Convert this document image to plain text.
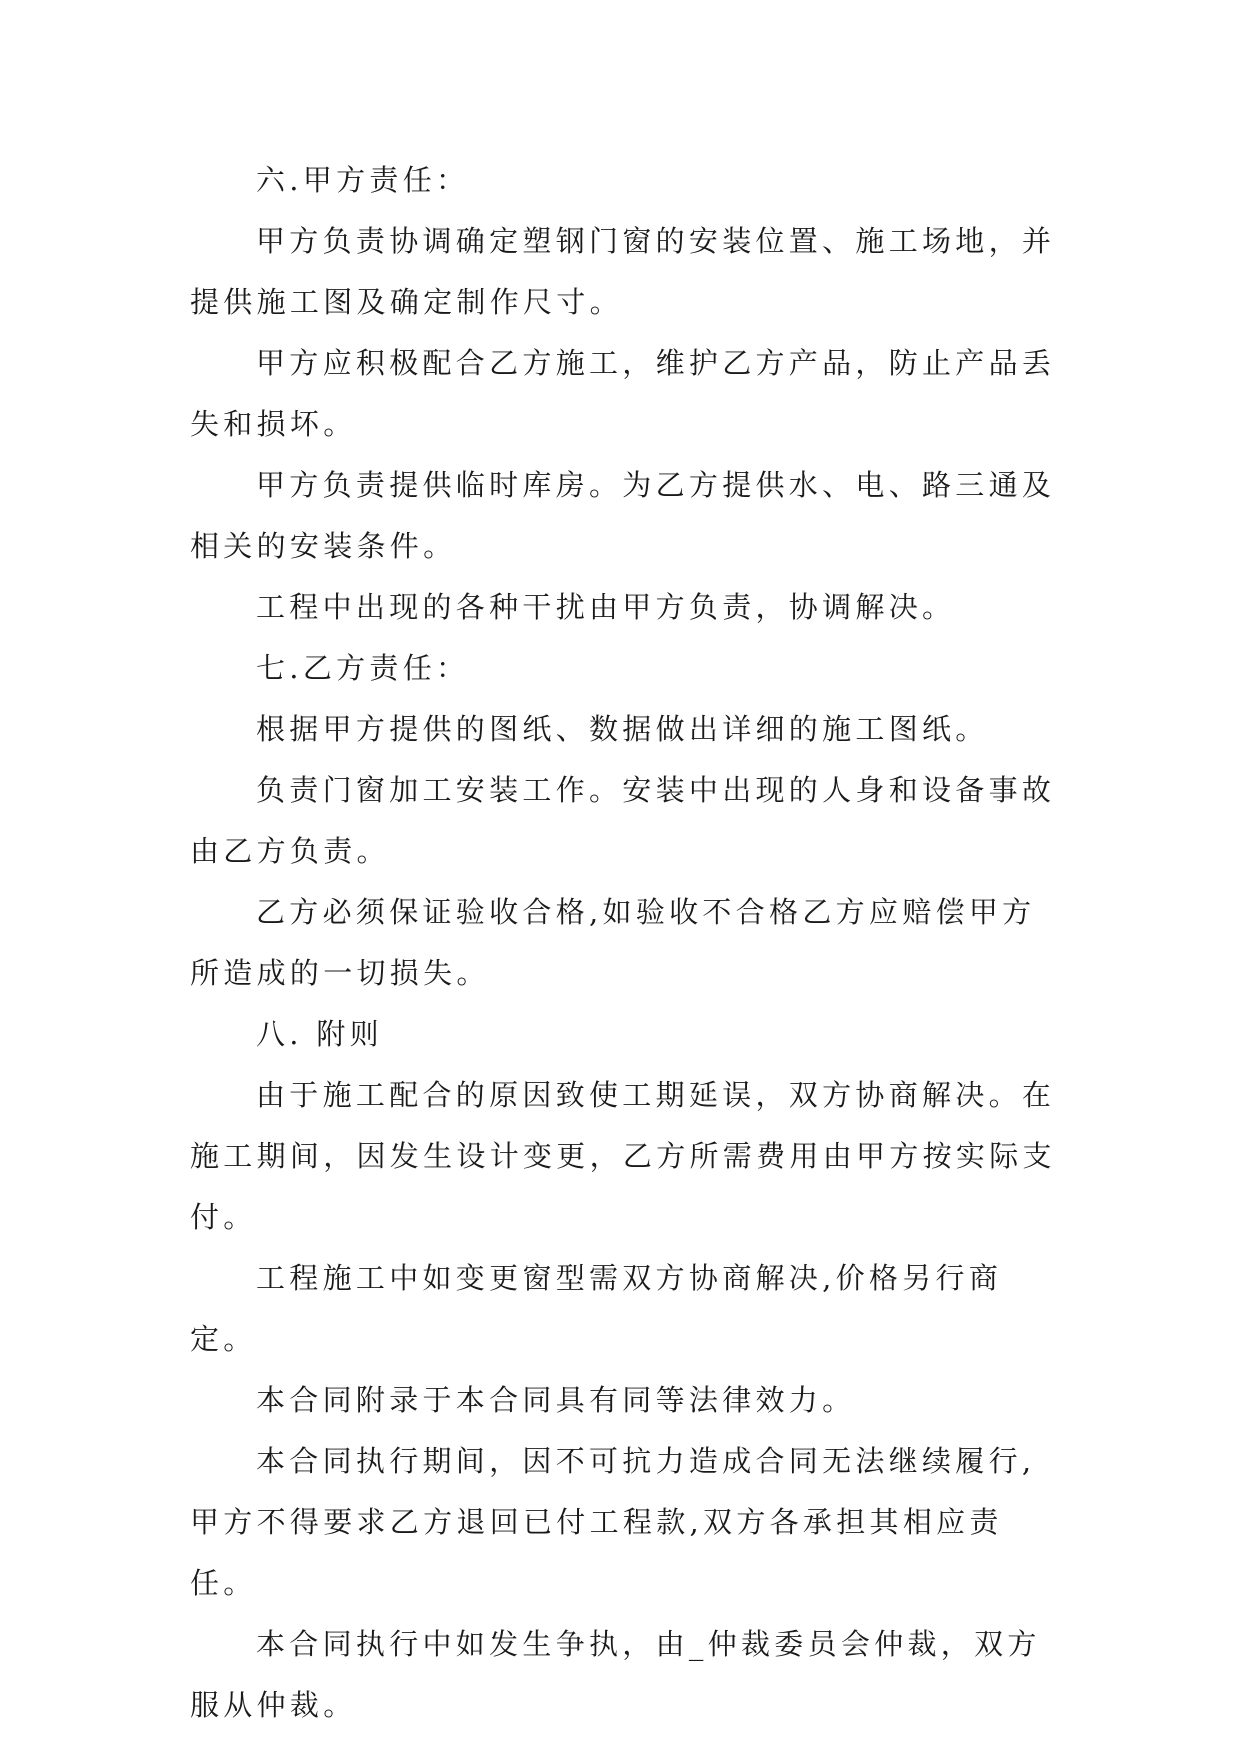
六.甲方责任：

甲方负责协调确定塑钢门窗的安装位置、施工场地，并提供施工图及确定制作尺寸。

甲方应积极配合乙方施工，维护乙方产品，防止产品丢失和损坏。

甲方负责提供临时库房。为乙方提供水、电、路三通及相关的安装条件。

工程中出现的各种干扰由甲方负责，协调解决。

七.乙方责任：

根据甲方提供的图纸、数据做出详细的施工图纸。

负责门窗加工安装工作。安装中出现的人身和设备事故由乙方负责。

乙方必须保证验收合格,如验收不合格乙方应赔偿甲方所造成的一切损失。

八. 附则

由于施工配合的原因致使工期延误，双方协商解决。在施工期间，因发生设计变更，乙方所需费用由甲方按实际支付。

工程施工中如变更窗型需双方协商解决,价格另行商定。

本合同附录于本合同具有同等法律效力。

本合同执行期间，因不可抗力造成合同无法继续履行,甲方不得要求乙方退回已付工程款,双方各承担其相应责任。

本合同执行中如发生争执，由_仲裁委员会仲裁，双方服从仲裁。
